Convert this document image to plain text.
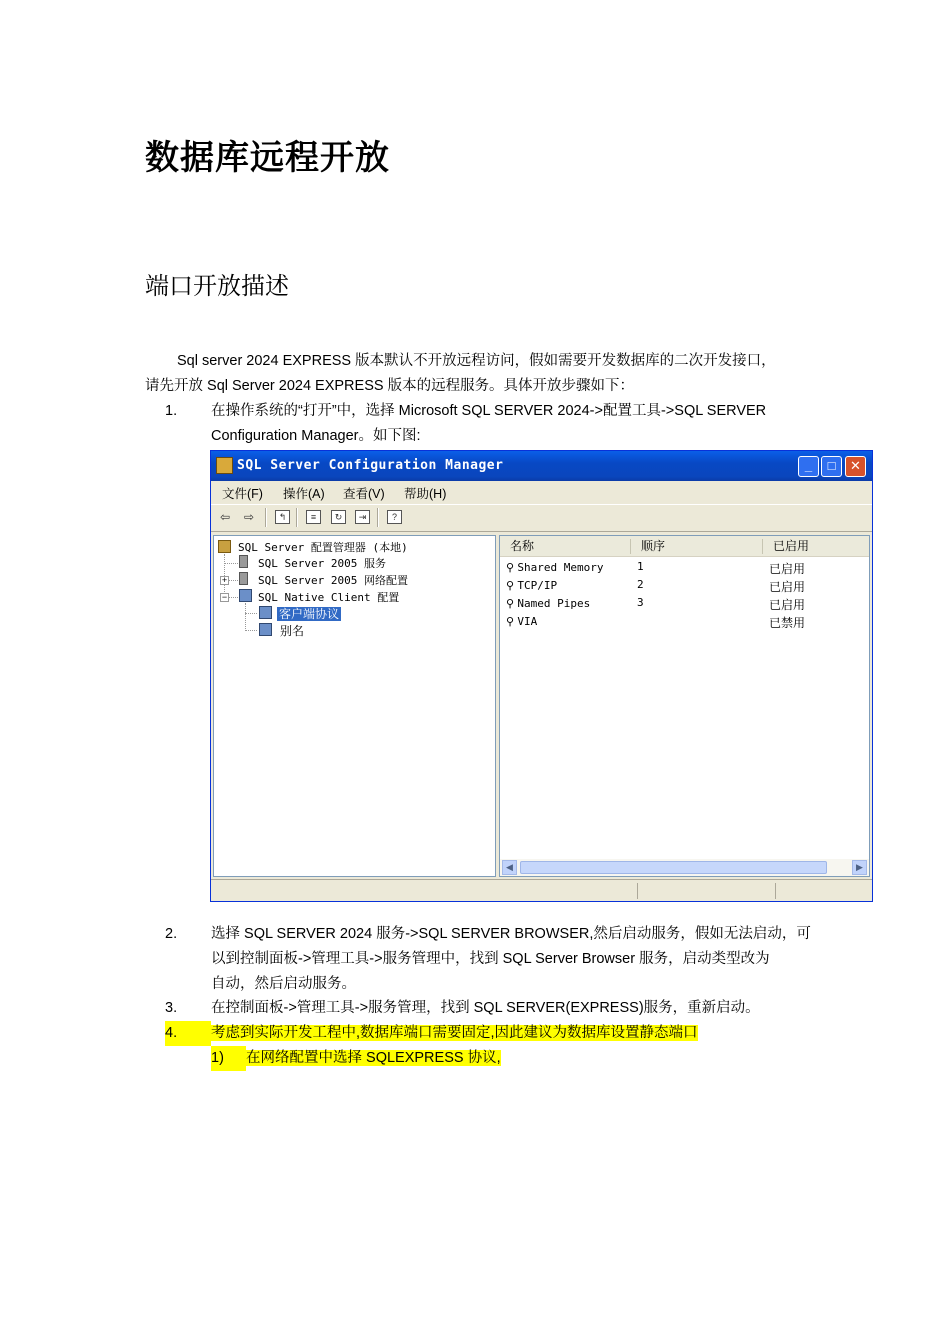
数据库远程开放
端口开放描述
Sql server 2024 EXPRESS 版本默认不开放远程访问，假如需要开发数据库的二次开发接口，
请先开放 Sql Server 2024 EXPRESS 版本的远程服务。具体开放步骤如下：
1.	在操作系统的“打开”中，选择 Microsoft SQL SERVER 2024->配置工具->SQL SERVER
Configuration Manager。如下图:
SQL Server Configuration Manager	_	□	✕
文件(F) 操作(A) 查看(V) 帮助(H)
⇦ ⇨	↰	≡	↻	⇥	?
SQL Server 配置管理器 (本地)
SQL Server 2005 服务
+	SQL Server 2005 网络配置
−	SQL Native Client 配置
客户端协议
别名
名称	顺序	已启用
⚲ Shared Memory	1	已启用
⚲ TCP/IP	2	已启用
⚲ Named Pipes	3	已启用
⚲ VIA	已禁用
◀	▶
2.	选择 SQL SERVER 2024 服务->SQL SERVER BROWSER,然后启动服务，假如无法启动，可
以到控制面板->管理工具->服务管理中，找到 SQL Server Browser 服务，启动类型改为
自动，然后启动服务。
3.	在控制面板->管理工具->服务管理，找到 SQL SERVER(EXPRESS)服务，重新启动。
4.	考虑到实际开发工程中,数据库端口需要固定,因此建议为数据库设置静态端口
1)	在网络配置中选择 SQLEXPRESS 协议,
